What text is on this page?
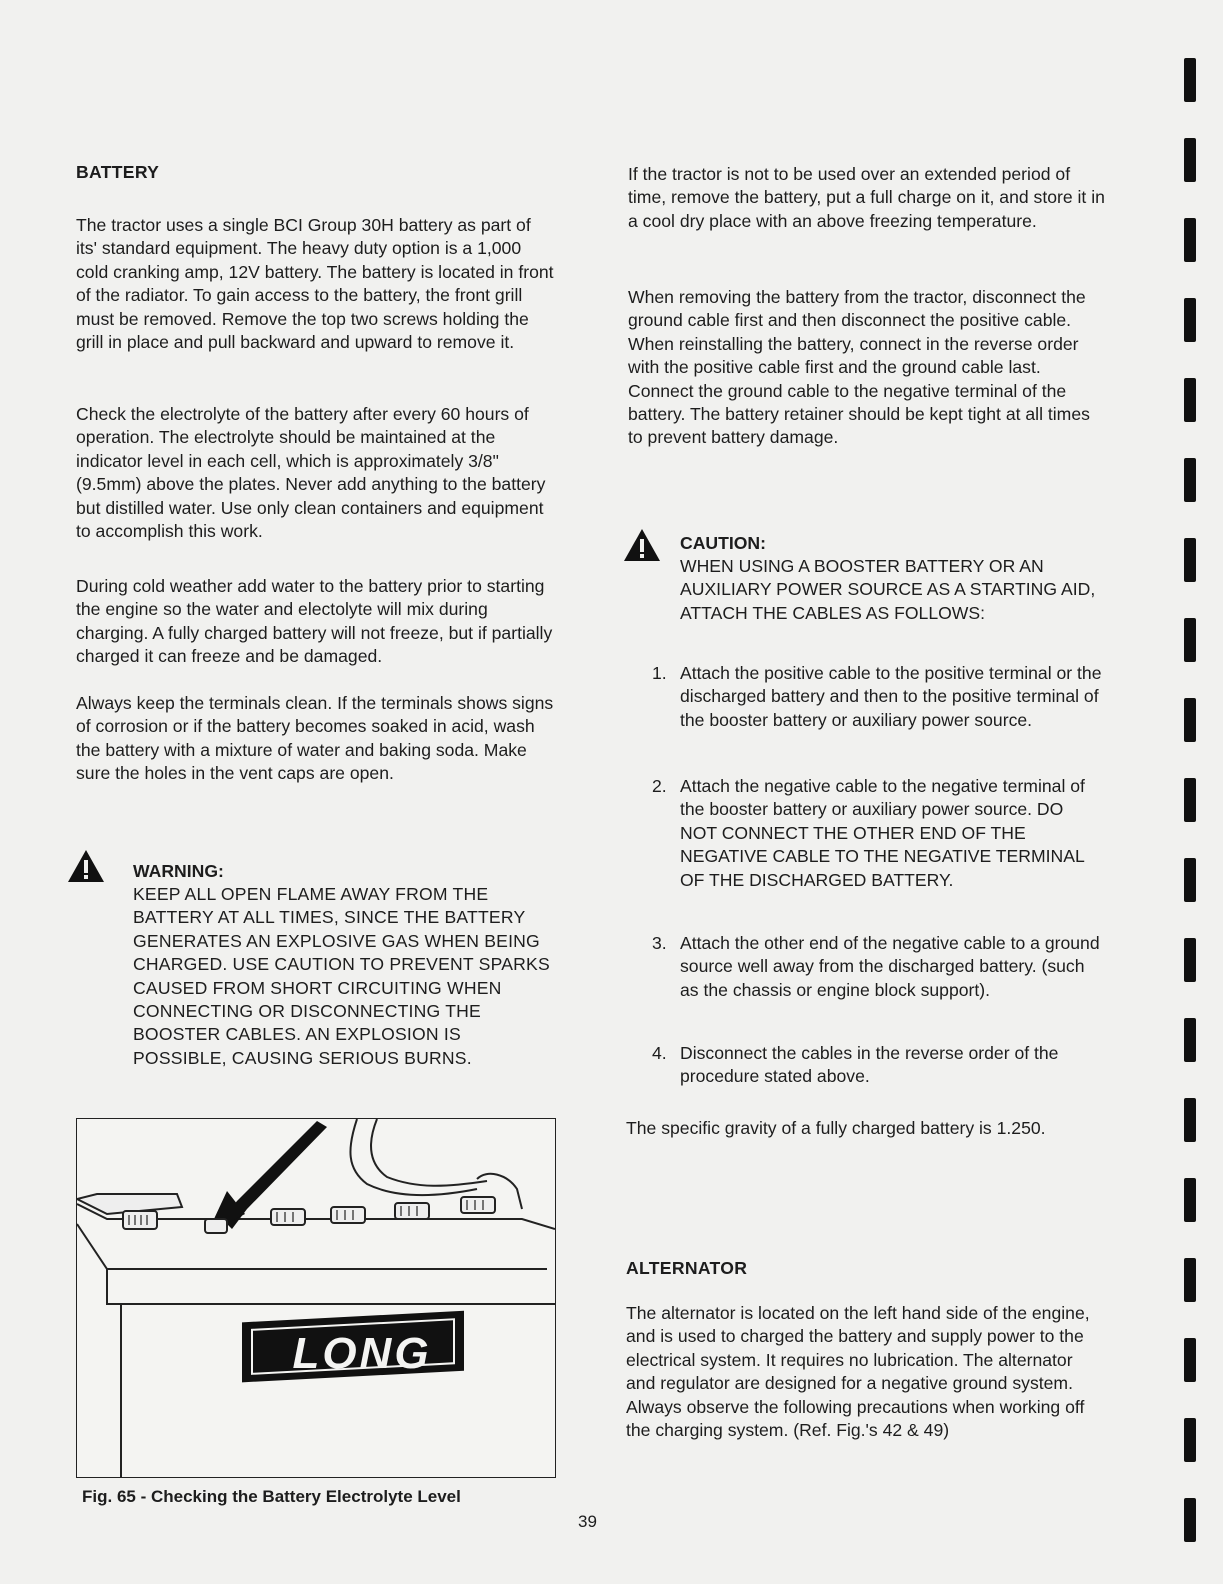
BATTERY

The tractor uses a single BCI Group 30H battery as part of its' standard equipment. The heavy duty option is a 1,000 cold cranking amp, 12V battery. The battery is located in front of the radiator. To gain access to the battery, the front grill must be removed. Remove the top two screws holding the grill in place and pull backward and upward to remove it.

Check the electrolyte of the battery after every 60 hours of operation. The electrolyte should be maintained at the indicator level in each cell, which is approximately 3/8" (9.5mm) above the plates. Never add anything to the battery but distilled water. Use only clean containers and equipment to accomplish this work.

During cold weather add water to the battery prior to starting the engine so the water and electolyte will mix during charging. A fully charged battery will not freeze, but if partially charged it can freeze and be damaged.

Always keep the terminals clean. If the terminals shows signs of corrosion or if the battery becomes soaked in acid, wash the battery with a mixture of water and baking soda. Make sure the holes in the vent caps are open.

WARNING:
KEEP ALL OPEN FLAME AWAY FROM THE BATTERY AT ALL TIMES, SINCE THE BATTERY GENERATES AN EXPLOSIVE GAS WHEN BEING CHARGED. USE CAUTION TO PREVENT SPARKS CAUSED FROM SHORT CIRCUITING WHEN CONNECTING OR DISCONNECTING THE BOOSTER CABLES. AN EXPLOSION IS POSSIBLE, CAUSING SERIOUS BURNS.
LONG
Fig. 65 - Checking the Battery Electrolyte Level

If the tractor is not to be used over an extended period of time, remove the battery, put a full charge on it, and store it in a cool dry place with an above freezing temperature.

When removing the battery from the tractor, disconnect the ground cable first and then disconnect the positive cable. When reinstalling the battery, connect in the reverse order with the positive cable first and the ground cable last. Connect the ground cable to the negative terminal of the battery. The battery retainer should be kept tight at all times to prevent battery damage.

CAUTION:
WHEN USING A BOOSTER BATTERY OR AN AUXILIARY POWER SOURCE AS A STARTING AID, ATTACH THE CABLES AS FOLLOWS:
1. Attach the positive cable to the positive terminal or the discharged battery and then to the positive terminal of the booster battery or auxiliary power source.
2. Attach the negative cable to the negative terminal of the booster battery or auxiliary power source. DO NOT CONNECT THE OTHER END OF THE NEGATIVE CABLE TO THE NEGATIVE TERMINAL OF THE DISCHARGED BATTERY.
3. Attach the other end of the negative cable to a ground source well away from the discharged battery. (such as the chassis or engine block support).
4. Disconnect the cables in the reverse order of the procedure stated above.
The specific gravity of a fully charged battery is 1.250.
ALTERNATOR
The alternator is located on the left hand side of the engine, and is used to charged the battery and supply power to the electrical system. It requires no lubrication. The alternator and regulator are designed for a negative ground system. Always observe the following precautions when working off the charging system. (Ref. Fig.'s 42 & 49)
39
